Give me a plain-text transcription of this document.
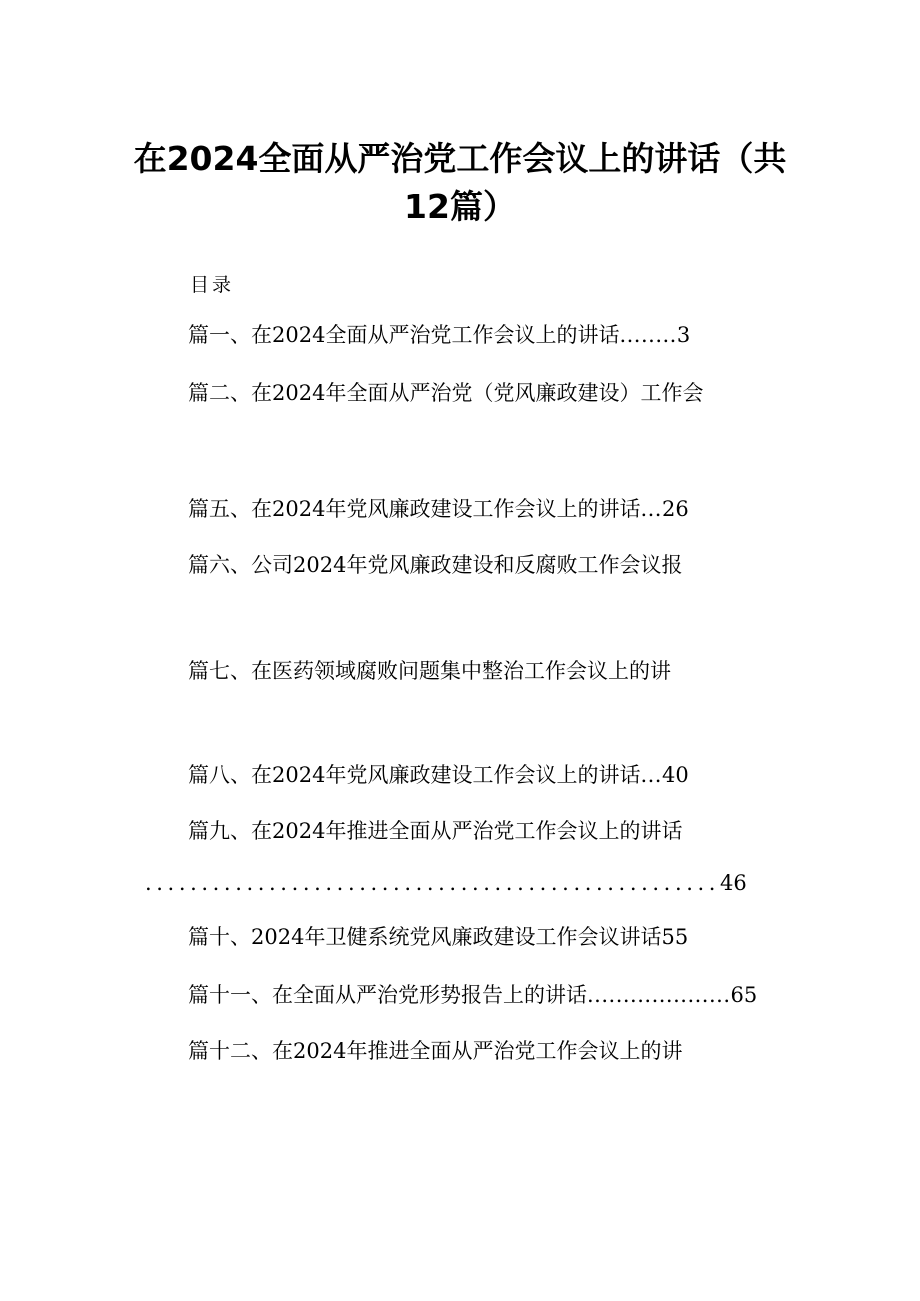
在2024全面从严治党工作会议上的讲话（共
12篇）
目录
篇一、在2024全面从严治党工作会议上的讲话........3
篇二、在2024年全面从严治党（党风廉政建设）工作会
篇五、在2024年党风廉政建设工作会议上的讲话...26
篇六、公司2024年党风廉政建设和反腐败工作会议报
篇七、在医药领域腐败问题集中整治工作会议上的讲
篇八、在2024年党风廉政建设工作会议上的讲话...40
篇九、在2024年推进全面从严治党工作会议上的讲话
...................................................46
篇十、2024年卫健系统党风廉政建设工作会议讲话55
篇十一、在全面从严治党形势报告上的讲话....................65
篇十二、在2024年推进全面从严治党工作会议上的讲
